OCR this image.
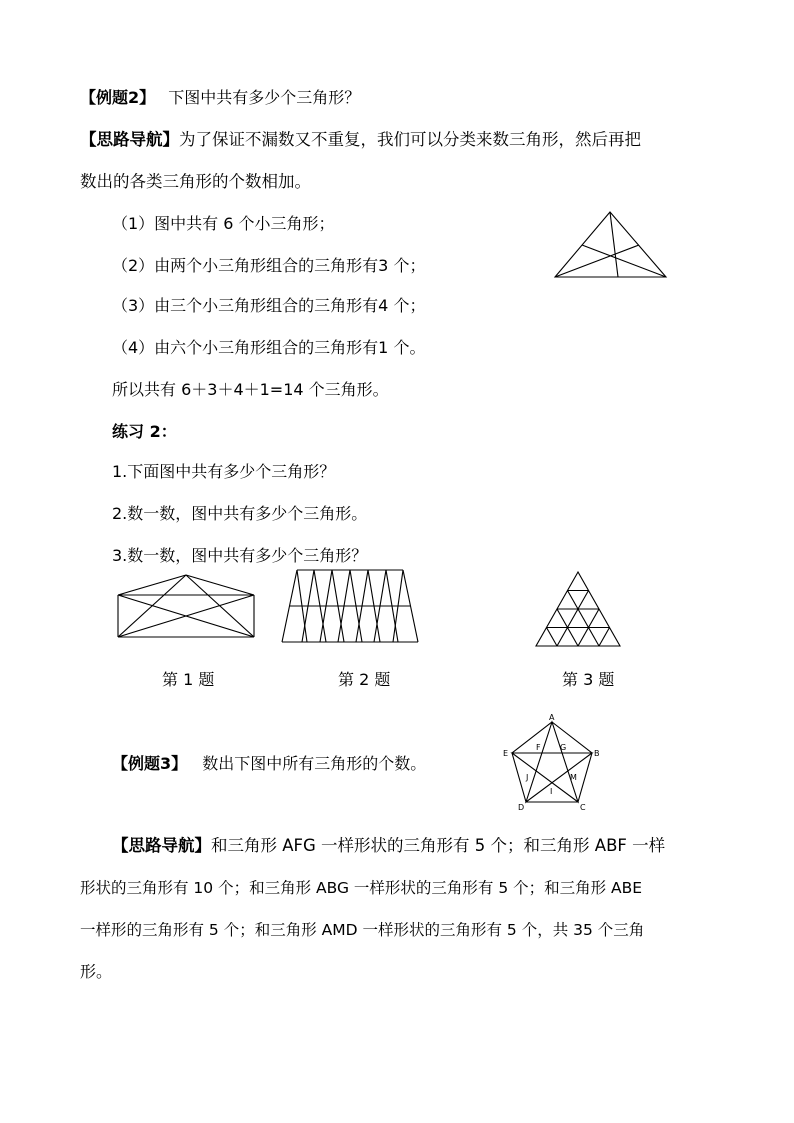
【例题2】 下图中共有多少个三角形？
【思路导航】为了保证不漏数又不重复，我们可以分类来数三角形，然后再把
数出的各类三角形的个数相加。
（1）图中共有 6 个小三角形；
（2）由两个小三角形组合的三角形有3 个；
（3）由三个小三角形组合的三角形有4 个；
（4）由六个小三角形组合的三角形有1 个。
所以共有 6＋3＋4＋1=14 个三角形。
练习 2：
1.下面图中共有多少个三角形？
2.数一数，图中共有多少个三角形。
3.数一数，图中共有多少个三角形？
第 1 题	第 2 题	第 3 题
【例题3】 数出下图中所有三角形的个数。
A
B
C
D
E
F G
M
I
J
【思路导航】和三角形 AFG 一样形状的三角形有 5 个；和三角形 ABF 一样
形状的三角形有 10 个；和三角形 ABG 一样形状的三角形有 5 个；和三角形 ABE
一样形的三角形有 5 个；和三角形 AMD 一样形状的三角形有 5 个，共 35 个三角
形。
